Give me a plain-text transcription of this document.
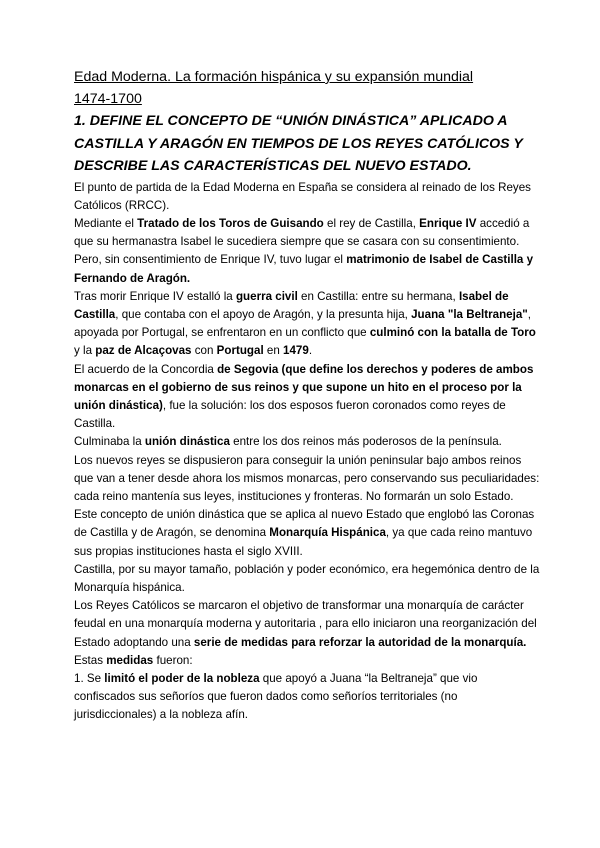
Edad Moderna. La formación hispánica y su expansión mundial

1474-1700

1. DEFINE EL CONCEPTO DE “UNIÓN DINÁSTICA” APLICADO A CASTILLA Y ARAGÓN EN TIEMPOS DE LOS REYES CATÓLICOS Y DESCRIBE LAS CARACTERÍSTICAS DEL NUEVO ESTADO.

El punto de partida de la Edad Moderna en España se considera al reinado de los Reyes Católicos (RRCC).

Mediante el Tratado de los Toros de Guisando el rey de Castilla, Enrique IV accedió a que su hermanastra Isabel le sucediera siempre que se casara con su consentimiento.

Pero, sin consentimiento de Enrique IV, tuvo lugar el matrimonio de Isabel de Castilla y Fernando de Aragón.

Tras morir Enrique IV estalló la guerra civil en Castilla: entre su hermana, Isabel de Castilla, que contaba con el apoyo de Aragón, y la presunta hija, Juana "la Beltraneja", apoyada por Portugal, se enfrentaron en un conflicto que culminó con la batalla de Toro y la paz de Alcaçovas con Portugal en 1479.

El acuerdo de la Concordia de Segovia (que define los derechos y poderes de ambos monarcas en el gobierno de sus reinos y que supone un hito en el proceso por la unión dinástica), fue la solución: los dos esposos fueron coronados como reyes de Castilla.

Culminaba la unión dinástica entre los dos reinos más poderosos de la península.

Los nuevos reyes se dispusieron para conseguir la unión peninsular bajo ambos reinos que van a tener desde ahora los mismos monarcas, pero conservando sus peculiaridades: cada reino mantenía sus leyes, instituciones y fronteras. No formarán un solo Estado.

Este concepto de unión dinástica que se aplica al nuevo Estado que englobó las Coronas de Castilla y de Aragón, se denomina Monarquía Hispánica, ya que cada reino mantuvo sus propias instituciones hasta el siglo XVIII.

Castilla, por su mayor tamaño, población y poder económico, era hegemónica dentro de la Monarquía hispánica.

Los Reyes Católicos se marcaron el objetivo de transformar una monarquía de carácter feudal en una monarquía moderna y autoritaria , para ello iniciaron una reorganización del Estado adoptando una serie de medidas para reforzar la autoridad de la monarquía.

Estas medidas fueron:

1. Se limitó el poder de la nobleza que apoyó a Juana “la Beltraneja” que vio confiscados sus señoríos que fueron dados como señoríos territoriales (no jurisdiccionales) a la nobleza afín.
